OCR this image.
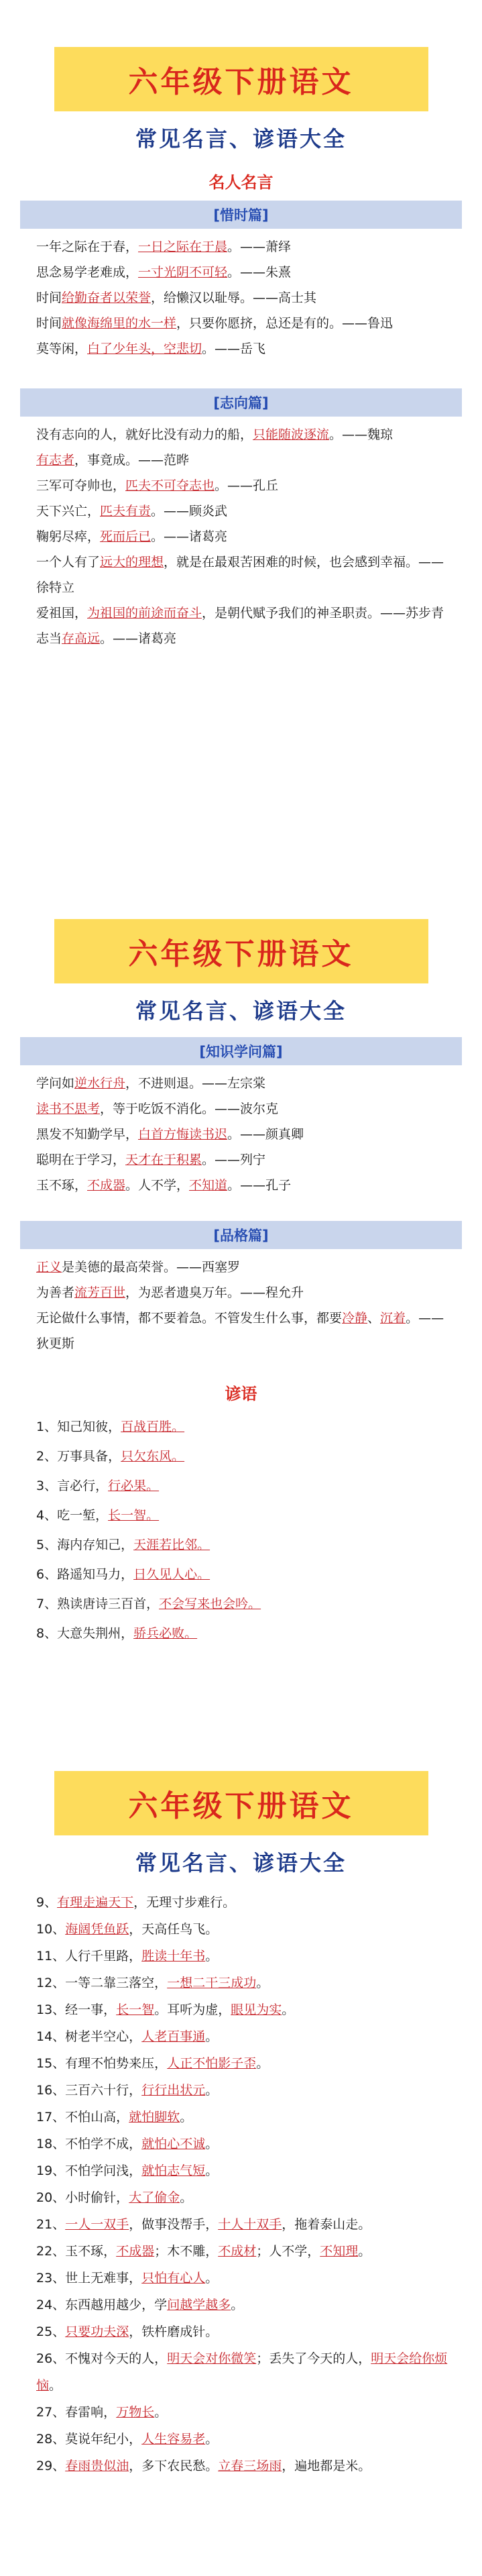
六年级下册语文
常见名言、谚语大全
名人名言
[惜时篇]
一年之际在于春，一日之际在于晨。——萧绎
思念易学老难成，一寸光阴不可轻。——朱熹
时间给勤奋者以荣誉，给懒汉以耻辱。——高士其
时间就像海绵里的水一样，只要你愿挤，总还是有的。——鲁迅
莫等闲，白了少年头，空悲切。——岳飞
[志向篇]
没有志向的人，就好比没有动力的船，只能随波逐流。——魏琼
有志者，事竟成。——范晔
三军可夺帅也，匹夫不可夺志也。——孔丘
天下兴亡，匹夫有责。——顾炎武
鞠躬尽瘁，死而后已。——诸葛亮
一个人有了远大的理想，就是在最艰苦困难的时候，也会感到幸福。——徐特立
爱祖国，为祖国的前途而奋斗，是朝代赋予我们的神圣职责。——苏步青
志当存高远。——诸葛亮
六年级下册语文
常见名言、谚语大全
[知识学问篇]
学问如逆水行舟，不进则退。——左宗棠
读书不思考，等于吃饭不消化。——波尔克
黑发不知勤学早，白首方悔读书迟。——颜真卿
聪明在于学习，天才在于积累。——列宁
玉不琢，不成器。人不学，不知道。——孔子
[品格篇]
正义是美德的最高荣誉。——西塞罗
为善者流芳百世，为恶者遗臭万年。——程允升
无论做什么事情，都不要着急。不管发生什么事，都要冷静、沉着。——狄更斯
谚语
1、知己知彼，百战百胜。
2、万事具备，只欠东风。
3、言必行，行必果。
4、吃一堑，长一智。
5、海内存知己，天涯若比邻。
6、路遥知马力，日久见人心。
7、熟读唐诗三百首，不会写来也会吟。
8、大意失荆州，骄兵必败。
六年级下册语文
常见名言、谚语大全
9、有理走遍天下，无理寸步难行。
10、海阔凭鱼跃，天高任鸟飞。
11、人行千里路，胜读十年书。
12、一等二靠三落空，一想二干三成功。
13、经一事，长一智。耳听为虚，眼见为实。
14、树老半空心，人老百事通。
15、有理不怕势来压，人正不怕影子歪。
16、三百六十行，行行出状元。
17、不怕山高，就怕脚软。
18、不怕学不成，就怕心不诚。
19、不怕学问浅，就怕志气短。
20、小时偷针，大了偷金。
21、一人一双手，做事没帮手，十人十双手，拖着泰山走。
22、玉不琢，不成器；木不雕，不成材；人不学，不知理。
23、世上无难事，只怕有心人。
24、东西越用越少，学问越学越多。
25、只要功夫深，铁杵磨成针。
26、不愧对今天的人，明天会对你微笑；丢失了今天的人，明天会给你烦恼。
27、春雷响，万物长。
28、莫说年纪小，人生容易老。
29、春雨贵似油，多下农民愁。立春三场雨，遍地都是米。
